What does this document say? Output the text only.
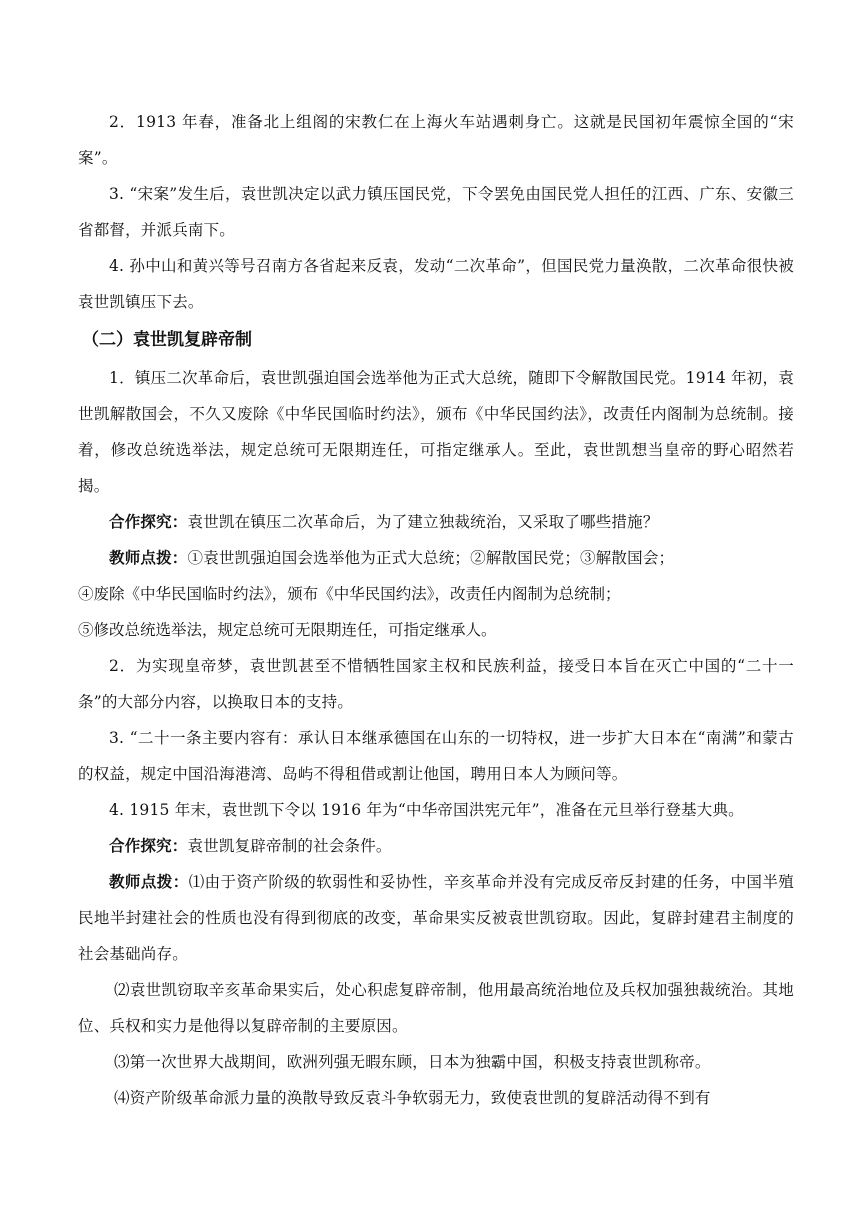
2．1913 年春，准备北上组阁的宋教仁在上海火车站遇刺身亡。这就是民国初年震惊全国的“宋案”。

3. “宋案”发生后，袁世凯决定以武力镇压国民党，下令罢免由国民党人担任的江西、广东、安徽三省都督，并派兵南下。

4. 孙中山和黄兴等号召南方各省起来反袁，发动“二次革命”，但国民党力量涣散，二次革命很快被袁世凯镇压下去。

（二）袁世凯复辟帝制

1．镇压二次革命后，袁世凯强迫国会选举他为正式大总统，随即下令解散国民党。1914 年初，袁世凯解散国会，不久又废除《中华民国临时约法》，颁布《中华民国约法》，改责任内阁制为总统制。接着，修改总统选举法，规定总统可无限期连任，可指定继承人。至此，袁世凯想当皇帝的野心昭然若揭。

合作探究：袁世凯在镇压二次革命后，为了建立独裁统治，又采取了哪些措施？

教师点拨：①袁世凯强迫国会选举他为正式大总统；②解散国民党；③解散国会；

④废除《中华民国临时约法》，颁布《中华民国约法》，改责任内阁制为总统制；

⑤修改总统选举法，规定总统可无限期连任，可指定继承人。

2．为实现皇帝梦，袁世凯甚至不惜牺牲国家主权和民族利益，接受日本旨在灭亡中国的“二十一条”的大部分内容，以换取日本的支持。

3. “二十一条主要内容有：承认日本继承德国在山东的一切特权，进一步扩大日本在“南满”和蒙古的权益，规定中国沿海港湾、岛屿不得租借或割让他国，聘用日本人为顾问等。

4. 1915 年末，袁世凯下令以 1916 年为“中华帝国洪宪元年”，准备在元旦举行登基大典。

合作探究：袁世凯复辟帝制的社会条件。

教师点拨：⑴由于资产阶级的软弱性和妥协性，辛亥革命并没有完成反帝反封建的任务，中国半殖民地半封建社会的性质也没有得到彻底的改变，革命果实反被袁世凯窃取。因此，复辟封建君主制度的社会基础尚存。

⑵袁世凯窃取辛亥革命果实后，处心积虑复辟帝制，他用最高统治地位及兵权加强独裁统治。其地位、兵权和实力是他得以复辟帝制的主要原因。

⑶第一次世界大战期间，欧洲列强无暇东顾，日本为独霸中国，积极支持袁世凯称帝。

⑷资产阶级革命派力量的涣散导致反袁斗争软弱无力，致使袁世凯的复辟活动得不到有
